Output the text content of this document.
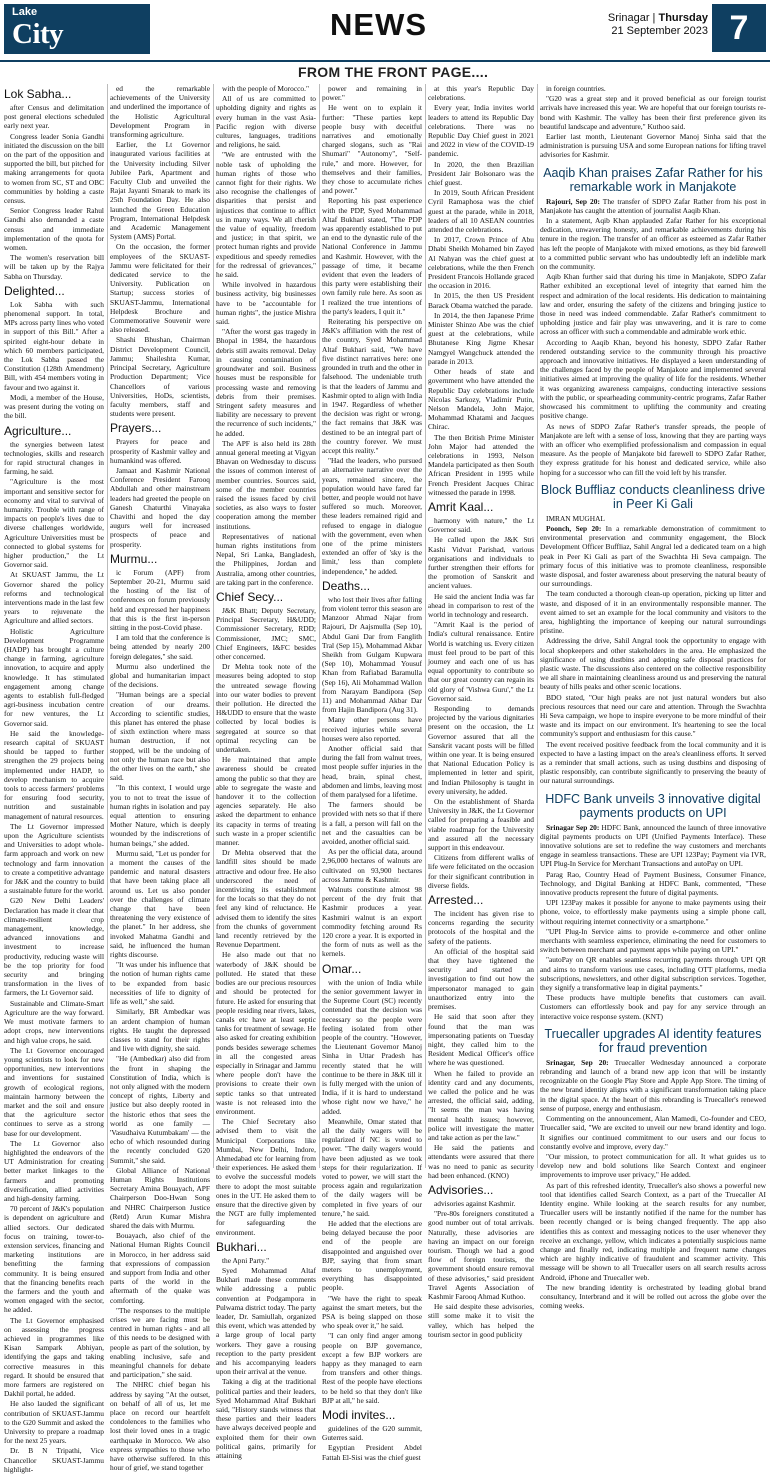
Lake
City Times
NEWS	Srinagar | Thursday
21 September 2023 7
FROM THE FRONT PAGE....
Lok Sabha...

after Census and delimitation post general elections scheduled early next year.

Congress leader Sonia Gandhi initiated the discussion on the bill on the part of the opposition and supported the bill, but pitched for making arrangements for quota to women from SC, ST and OBC communities by holding a caste census.

Senior Congress leader Rahul Gandhi also demanded a caste census and immediate implementation of the quota for women.

The women's reservation bill will be taken up by the Rajya Sabha on Thursday.

Delighted...

Lok Sabha with such phenomenal support. In total, MPs across party lines who voted in support of this Bill." After a spirited eight-hour debate in which 60 members participated, the Lok Sabha passed the Constitution (128th Amendment) Bill, with 454 members voting in favour and two against it.

Modi, a member of the House, was present during the voting on the bill.

Agriculture...

the synergies between latest technologies, skills and research for rapid structural changes in farming, he said.

"Agriculture is the most important and sensitive sector for economy and vital to survival of humanity. Trouble with range of impacts on people's lives due to diverse challenges worldwide, Agriculture Universities must be connected to global systems for higher production," the Lt Governor said.

At SKUAST Jammu, the Lt Governor shared the policy reforms and technological interventions made in the last few years to rejuvenate the Agriculture and allied sectors.

Holistic Agriculture Development Programme (HADP) has brought a culture change in farming, agriculture innovation, to acquire and apply knowledge. It has stimulated engagement among change agents to establish full-fledged agri-business incubation centre for new ventures, the Lt Governor said.

He said the knowledge-research capital of SKUAST should be tapped to further strengthen the 29 projects being implemented under HADP, to develop mechanism to acquire tools to access farmers' problems for ensuring food security, nutrition and sustainable management of natural resources.

The Lt Governor impressed upon the Agriculture scientists and Universities to adopt whole-farm approach and work on new technology and farm innovation to create a competitive advantage for J&K and the country to build a sustainable future for the world.

G20 New Delhi Leaders' Declaration has made it clear that climate-resilient crop management, knowledge, advanced innovations and investment to increase productivity, reducing waste will be the top priority for food security and bringing transformation in the lives of farmers, the Lt Governor said.

Sustainable and Climate-Smart Agriculture are the way forward. We must motivate farmers to adopt crops, new interventions and high value crops, he said.

The Lt Governor encouraged young scientists to look for new opportunities, new interventions and inventions for sustained growth of ecological regions, maintain harmony between the market and the soil and ensure that the agriculture sector continues to serve as a strong base for our development.

The Lt Governor also highlighted the endeavors of the UT Administration for creating better market linkages to the farmers and promoting diversification, allied activities and high-density farming.

70 percent of J&K's population is dependent on agriculture and allied sectors. Our dedicated focus on training, tower-to-extension services, financing and marketing institutions are benefitting the farming community. It is being ensured that the financing benefits reach the farmers and the youth and women engaged with the sector, he added.

The Lt Governor emphasised on assessing the progress achieved in programmes like Kisan Sampark Abhiyan, identifying the gaps and taking corrective measures in this regard. It should be ensured that more farmers are registered on Dakhil portal, he added.

He also lauded the significant contribution of SKUAST-Jammu to the G20 Summit and asked the University to prepare a roadmap for the next 25 years.

Dr. B N Tripathi, Vice Chancellor SKUAST-Jammu highlight-

ed the remarkable achievements of the University and underlined the importance of the Holistic Agricultural Development Program in transforming agriculture.

Earlier, the Lt Governor inaugurated various facilities at the University including Silver Jubilee Park, Apartment and Faculty Club and unveiled the Rajat Jayanti Smarak to mark its 25th Foundation Day. He also launched the Green Education Program, International Helpdesk and Academic Management System (AMS) Portal.

On the occasion, the former employees of the SKUAST-Jammu were felicitated for their dedicated service to the University. Publication on Startup; success stories of SKUAST-Jammu, International Helpdesk Brochure and Commemorative Souvenir were also released.

Shashi Bhushan, Chairman District Development Council, Jammu; Shaileshta Kumar, Principal Secretary, Agriculture Production Department; Vice Chancellors of various Universities, HoDs, scientists, faculty members, staff and students were present.

Prayers...

Prayers for peace and prosperity of Kashmir valley and humankind was offered.

Jamaat and Kashmir National Conference President Farooq Abdullah and other mainstream leaders had greeted the people on Ganesh Chaturthi Vinayaka Chavithi and hoped the day augurs well for increased prospects of peace and prosperity.

Murmu...

ic Forum (APF) from September 20-21, Murmu said the hosting of the list of conferences on forum previously held and expressed her happiness that this is the first in-person sitting in the post-Covid phase.

I am told that the conference is being attended by nearly 200 foreign delegates," she said.

Murmu also underlined the global and humanitarian impact of the decisions.

"Human beings are a special creation of our dreams. According to scientific studies, this planet has entered the phase of sixth extinction where mass human destruction, if not stopped, will be the undoing of not only the human race but also the other lives on the earth," she said.

"In this context, I would urge you to not to treat the issue of human rights in isolation and pay equal attention to ensuring Mother Nature, which is deeply wounded by the indiscretions of human beings," she added.

Murmu said, "Let us ponder for a moment the causes of the pandemic and natural disasters that have been taking place all around us. Let us also ponder over the challenges of climate change that have been threatening the very existence of the planet." In her address, she invoked Mahatma Gandhi and said, he influenced the human rights discourse.

"It was under his influence that the notion of human rights came to be expanded from basic necessities of life to dignity of life as well," she said.

Similarly, BR Ambedkar was an ardent champion of human rights. He taught the depressed classes to stand for their rights and live with dignity, she said.

"He (Ambedkar) also did from the front in shaping the Constitution of India, which is not only aligned with the modern concept of rights, Liberty and justice but also deeply rooted in the historic ethos that sees the world as one family — 'Vasudhaiva Kutumbakam' — the echo of which resounded during the recently concluded G20 Summit," she said.

Global Alliance of National Human Rights Institutions Secretary Amina Bouayach, APF Chairperson Doo-Hwan Song and NHRC Chairperson Justice (Retd) Arun Kumar Mishra shared the dais with Murmu.

Bouayach, also chief of the National Human Rights Council in Morocco, in her address said that expressions of compassion and support from India and other parts of the world in the aftermath of the quake was comforting.

"The responses to the multiple crises we are facing must be centred in human rights - and all of this needs to be designed with people as part of the solution, by enabling inclusive, safe and meaningful channels for debate and participation," she said.

The NHRC chief began his address by saying "At the outset, on behalf of all of us, let me place on record our heartfelt condolences to the families who lost their loved ones in a tragic earthquake in Morocco. We also express sympathies to those who have otherwise suffered. In this hour of grief, we stand together

with the people of Morocco."

All of us are committed to upholding dignity and rights as every human in the vast Asia-Pacific region with diverse cultures, languages, traditions and religions, he said.

"We are entrusted with the noble task of upholding the human rights of those who cannot fight for their rights. We also recognise the challenges of disparities that persist and injustices that continue to afflict us in many ways. We all cherish the value of equality, freedom and justice; in that spirit, we protect human rights and provide expeditious and speedy remedies for the redressal of grievances," he said.

While involved in hazardous business activity, big businesses have to be "accountable for human rights", the justice Mishra said.

"After the worst gas tragedy in Bhopal in 1984, the hazardous debris still awaits removal. Delay in causing contamination of groundwater and soil. Business houses must be responsible for processing waste and removing debris from their premises. Stringent safety measures and liability are necessary to prevent the recurrence of such incidents," he added.

The APF is also held its 28th annual general meeting at Vigyan Bhavan on Wednesday to discuss the issues of common interest of member countries. Sources said, some of the member countries raised the issues faced by civil societies, as also ways to foster cooperation among the member institutions.

Representatives of national human rights institutions from Nepal, Sri Lanka, Bangladesh, the Philippines, Jordan and Australia, among other countries, are taking part in the conference.

Chief Secy...

J&K Bhatt; Deputy Secretary, Principal Secretary, H&UDD; Commissioner Secretary, RDD; Commissioner, JMC; SMC, Chief Engineers, I&FC besides other concerned.

Dr Mehta took note of the measures being adopted to stop the untreated sewage flowing into our water bodies to prevent their pollution. He directed the H&UDD to ensure that the waste collected by local bodies is segregated at source so that optimal recycling can be undertaken.

He maintained that ample awareness should be created among the public so that they are able to segregate the waste and handover it to the collection agencies separately. He also asked the department to enhance its capacity in terms of treating such waste in a proper scientific manner.

Dr Mehta observed that the landfill sites should be made attractive and odour free. He also underscored the need of incentivizing its establishment for the locals so that they do not feel any kind of reluctance. He advised them to identify the sites from the chunks of government land recently retrieved by the Revenue Department.

He also made out that no waterbody of J&K should be polluted. He stated that these bodies are our precious resources and should be protected for future. He asked for ensuring that people residing near rivers, lakes, canals etc have at least septic tanks for treatment of sewage. He also asked for creating exhibition ponds besides sewerage schemes in all the congested areas especially in Srinagar and Jammu where people don't have the provisions to create their own septic tanks so that untreated waste is not released into the environment.

The Chief Secretary also advised them to visit the Municipal Corporations like Mumbai, New Delhi, Indore, Ahmedabad etc for learning from their experiences. He asked them to evolve the successful models there to adopt the most suitable ones in the UT. He asked them to ensure that the directive given by the NGT are fully implemented for safeguarding the environment.

Bukhari...

the Apni Party."

Syed Mohammad Altaf Bukhari made these comments while addressing a public convention at Podgampora in Pulwama district today. The party leader, Dr. Samiullah, organized this event, which was attended by a large group of local party workers. They gave a rousing reception to the party president and his accompanying leaders upon their arrival at the venue.

Taking a dig at the traditional political parties and their leaders, Syed Mohammad Altaf Bukhari said, "History stands witness that these parties and their leaders have always deceived people and exploited them for their own political gains, primarily for attaining

power and remaining in power."

He went on to explain it further: "These parties kept people busy with deceitful narratives and emotionally charged slogans, such as "Rai Shumari" "Autonomy", "Self-rule," and more. However, for themselves and their families, they chose to accumulate riches and power."

Reporting his past experience with the PDP, Syed Mohammad Altaf Bukhari stated, "The PDP was apparently established to put an end to the dynastic rule of the National Conference in Jammu and Kashmir. However, with the passage of time, it became evident that even the leaders of this party were establishing their own family rule here. As soon as I realized the true intentions of the party's leaders, I quit it."

Reiterating his perspective on J&K's affiliation with the rest of the country, Syed Mohammad Altaf Bukhari said, "We have five distinct narratives here: one grounded in truth and the other in falsehood. The undeniable truth is that the leaders of Jammu and Kashmir opted to align with India in 1947. Regardless of whether the decision was right or wrong, the fact remains that J&K was destined to be an integral part of the country forever. We must accept this reality."

"Had the leaders, who pursued an alternative narrative over the years, remained sincere, the population would have fared far better, and people would not have suffered so much. Moreover, these leaders remained rigid and refused to engage in dialogue with the government, even when one of the prime ministers extended an offer of 'sky is the limit,' less than complete independence," he added.

Deaths...

who lost their lives after falling from violent terror this season are Manzoor Ahmad Najar from Rajouri, Dr Aajsmulla (Sep 10), Abdul Gani Dar from Fanglith Tral (Sep 15), Mohammad Akbar Sheikh from Gulgam Kupwara (Sep 10), Mohammad Yousuf Khan from Rafiabad Baramulla (Sep 16), Ali Mohammad Wallon from Narayam Bandipora (Sep 11) and Mohammad Akbar Dar from Hajin Bandipora (Aug 31).

Many other persons have received injuries while several houses were also reported.

Another official said that during the fall from walnut trees, most people suffer injuries in the head, brain, spinal chest, abdomen and limbs, leaving most of them paralysed for a lifetime.

The farmers should be provided with nets so that if there is a fall, a person will fall on the net and the casualties can be avoided, another official said.

As per the official data, around 2,96,000 hectares of walnuts are cultivated on 93,900 hectares across Jammu & Kashmir.

Walnuts constitute almost 98 percent of the dry fruit that Kashmir produces a year. Kashmiri walnut is an export commodity fetching around Rs 120 crore a year. It is exported in the form of nuts as well as the kernels.

Omar...

with the union of India while the senior government lawyer in the Supreme Court (SC) recently contended that the decision was necessary so the people were feeling isolated from other people of the country. "However, the Lieutenant Governor Manoj Sinha in Uttar Pradesh has recently stated that he will continue to be there in J&K till it is fully merged with the union of India, if it is hard to understand whose right now we have," he added.

Meanwhile, Omar stated that all the daily wagers will be regularized if NC is voted to power. "The daily wagers would have been adjusted as we took steps for their regularization. If voted to power, we will start the process again and regularization of the daily wagers will be completed in five years of our tenure," he said.

He added that the elections are being delayed because the poor end of the people are disappointed and anguished over BJP, saying that from smart meters to unemployment, everything has disappointed people.

"We have the right to speak against the smart meters, but the PSA is being slapped on those who speak over it," he said.

"I can only find anger among people on BJP governance, except a few BJP workers are happy as they managed to earn from transfers and other things. Rest of the people have elections to be held so that they don't like BJP at all," he said.

Modi invites...

guidelines of the G20 summit, Guterres said.

Egyptian President Abdel Fattah El-Sisi was the chief guest

at this year's Republic Day celebrations.

Every year, India invites world leaders to attend its Republic Day celebrations. There was no Republic Day Chief guest in 2021 and 2022 in view of the COVID-19 pandemic.

In 2020, the then Brazilian President Jair Bolsonaro was the chief guest.

In 2019, South African President Cyril Ramaphosa was the chief guest at the parade, while in 2018, leaders of all 10 ASEAN countries attended the celebrations.

In 2017, Crown Prince of Abu Dhabi Sheikh Mohamed bin Zayed Al Nahyan was the chief guest at celebrations, while the then French President Francois Hollande graced the occasion in 2016.

In 2015, the then US President Barack Obama watched the parade.

In 2014, the then Japanese Prime Minister Shinzo Abe was the chief guest at the celebrations, while Bhutanese King Jigme Khesar Namgyel Wangchuck attended the parade in 2013.

Other heads of state and government who have attended the Republic Day celebrations include Nicolas Sarkozy, Vladimir Putin, Nelson Mandela, John Major, Mohammad Khatami and Jacques Chirac.

The then British Prime Minister John Major had attended the celebrations in 1993, Nelson Mandela participated as then South African President in 1995 while French President Jacques Chirac witnessed the parade in 1998.

Amrit Kaal...

harmony with nature," the Lt Governor said.

He called upon the J&K Stri Kashi Vidvat Parishad, various organisations and individuals to further strengthen their efforts for the promotion of Sanskrit and ancient values.

He said the ancient India was far ahead in comparison to rest of the world in technology and research.

"Amrit Kaal is the period of India's cultural renaissance. Entire World is watching us. Every citizen must feel proud to be part of this journey and each one of us has equal opportunity to contribute so that our great country can regain its old glory of 'Vishwa Guru'," the Lt Governor said.

Responding to demands projected by the various dignitaries present on the occasion, the Lt Governor assured that all the Sanskrit vacant posts will be filled within one year. It is being ensured that National Education Policy is implemented in letter and spirit, and Indian Philosophy is taught in every university, he added.

On the establishment of Sharda University in J&K, the Lt Governor called for preparing a feasible and viable roadmap for the University and assured all the necessary support in this endeavour.

Citizens from different walks of life were felicitated on the occasion for their significant contribution in diverse fields.

Arrested...

The incident has given rise to concerns regarding the security protocols of the hospital and the safety of the patients.

An official of the hospital said that they have tightened the security and started an investigation to find out how the impersonator managed to gain unauthorized entry into the premises.

He said that soon after they found that the man was impersonating patients on Tuesday night, they called him to the Resident Medical Officer's office where he was questioned.

When he failed to provide an identity card and any documents, we called the police and he was arrested, the official said, adding, "It seems the man was having mental health issues; however, police will investigate the matter and take action as per the law."

He said the patients and attendants were assured that there was no need to panic as security had been enhanced. (KNO)

Advisories...

advisories against Kashmir.

"Pre-80s foreigners constituted a good number out of total arrivals. Naturally, these advisories are having an impact on our foreign tourism. Though we had a good flow of foreign tourists, the government should ensure removal of these advisories," said president Travel Agents Association of Kashmir Farooq Ahmad Kuthoo.

He said despite these advisories, still some make it to visit the valley, which has helped the tourism sector in good publicity

in foreign countries.

"G20 was a great step and it proved beneficial as our foreign tourist arrivals have increased this year. We are hopeful that our foreign tourists re-bond with Kashmir. The valley has been their first preference given its beautiful landscape and adventure," Kuthoo said.

Earlier last month, Lieutenant Governor Manoj Sinha said that the administration is pursuing USA and some European nations for lifting travel advisories for Kashmir.

Aaqib Khan praises Zafar Rather for his remarkable work in Manjakote

Rajouri, Sep 20: The transfer of SDPO Zafar Rather from his post in Manjakote has caught the attention of journalist Aaqib Khan.

In a statement, Aqib Khan applauded Zafar Rather for his exceptional dedication, unwavering honesty, and remarkable achievements during his tenure in the region. The transfer of an officer as esteemed as Zafar Rather has left the people of Manjakote with mixed emotions, as they bid farewell to a committed public servant who has undoubtedly left an indelible mark on the community.

Aqib Khan further said that during his time in Manjakote, SDPO Zafar Rather exhibited an exceptional level of integrity that earned him the respect and admiration of the local residents. His dedication to maintaining law and order, ensuring the safety of the citizens and bringing justice to those in need was indeed commendable. Zafar Rather's commitment to upholding justice and fair play was unwavering, and it is rare to come across an officer with such a commendable and admirable work ethic.

According to Aaqib Khan, beyond his honesty, SDPO Zafar Rather rendered outstanding service to the community through his proactive approach and innovative initiatives. He displayed a keen understanding of the challenges faced by the people of Manjakote and implemented several initiatives aimed at improving the quality of life for the residents. Whether it was organizing awareness campaigns, conducting interactive sessions with the public, or spearheading community-centric programs, Zafar Rather showcased his commitment to uplifting the community and creating positive change.

As news of SDPO Zafar Rather's transfer spreads, the people of Manjakote are left with a sense of loss, knowing that they are parting ways with an officer who exemplified professionalism and compassion in equal measure. As the people of Manjakote bid farewell to SDPO Zafar Rather, they express gratitude for his honest and dedicated service, while also hoping for a successor who can fill the void left by his transfer.

Block Buffliaz conducts cleanliness drive in Peer Ki Gali

IMRAN MUGHAL

Poonch, Sep 20: In a remarkable demonstration of commitment to environmental preservation and community engagement, the Block Development Officer Buffliaz, Sahil Angral led a dedicated team on a high peak in Peer Ki Gali as part of the Swachhta Hi Seva campaign. The primary focus of this initiative was to promote cleanliness, responsible waste disposal, and foster awareness about preserving the natural beauty of our surroundings.

The team conducted a thorough clean-up operation, picking up litter and waste, and disposed of it in an environmentally responsible manner. The event aimed to set an example for the local community and visitors to the area, highlighting the importance of keeping our natural surroundings pristine.

Addressing the drive, Sahil Angral took the opportunity to engage with local shopkeepers and other stakeholders in the area. He emphasized the significance of using dustbins and adopting safe disposal practices for plastic waste. The discussions also centered on the collective responsibility we all share in maintaining cleanliness around us and preserving the natural beauty of hills peaks and other scenic locations.

BDO stated, "Our high peaks are not just natural wonders but also precious resources that need our care and attention. Through the Swachhta Hi Seva campaign, we hope to inspire everyone to be more mindful of their waste and its impact on our environment. It's heartening to see the local community's support and enthusiasm for this cause."

The event received positive feedback from the local community and it is expected to have a lasting impact on the area's cleanliness efforts. It served as a reminder that small actions, such as using dustbins and disposing of plastic responsibly, can contribute significantly to preserving the beauty of our natural surroundings.

HDFC Bank unveils 3 innovative digital payments products on UPI

Srinagar Sep 20: HDFC Bank, announced the launch of three innovative digital payments products on UPI (Unified Payments Interface). These innovative solutions are set to redefine the way customers and merchants engage in seamless transactions. These are UPI 123Pay; Payment via IVR, UPI Plug-In Service for Merchant Transactions and autoPay on UPI.

Parag Rao, Country Head of Payment Business, Consumer Finance, Technology, and Digital Banking at HDFC Bank, commented, "These innovative products represent the future of digital payments.

UPI 123Pay makes it possible for anyone to make payments using their phone, voice, to effortlessly make payments using a simple phone call, without requiring internet connectivity or a smartphone."

"UPI Plug-In Service aims to provide e-commerce and other online merchants with seamless experience, eliminating the need for customers to switch between merchant and payment apps while paying on UPI."

"autoPay on QR enables seamless recurring payments through UPI QR and aims to transform various use cases, including OTT platforms, media subscriptions, newsletters, and other digital subscription services. Together, they signify a transformative leap in digital payments."

These products have multiple benefits that customers can avail. Customers can effortlessly book and pay for any service through an interactive voice response system. (KNT)

Truecaller upgrades AI identity features for fraud prevention

Srinagar, Sep 20: Truecaller Wednesday announced a corporate rebranding and launch of a brand new app icon that will be instantly recognizable on the Google Play Store and Apple App Store. The timing of the new brand identity aligns with a significant transformation taking place in the digital space. At the heart of this rebranding is Truecaller's renewed sense of purpose, energy and enthusiasm.

Commenting on the announcement, Alan Mamedi, Co-founder and CEO, Truecaller said, "We are excited to unveil our new brand identity and logo. It signifies our continued commitment to our users and our focus to constantly evolve and improve, every day."

"Our mission, to protect communication for all. It what guides us to develop new and bold solutions like Search Context and engineer improvements to improve user privacy," He added.

As part of this refreshed identity, Truecaller's also shows a powerful new tool that identifies called Search Context, as a part of the Truecaller AI Identity engine. While looking at the search results for any number, Truecaller users will be instantly notified if the name for the number has been recently changed or is being changed frequently. The app also identifies this as context and messaging notices to the user whenever they receive an exchange, yellow, which indicates a potentially suspicious name change and finally red, indicating multiple and frequent name changes which are highly indicative of fraudulent and scammer activity. This message will be shown to all Truecaller users on all search results across Android, iPhone and Truecaller web.

The new branding identity is orchestrated by leading global brand consultancy, Interbrand and it will be rolled out across the globe over the coming weeks.
